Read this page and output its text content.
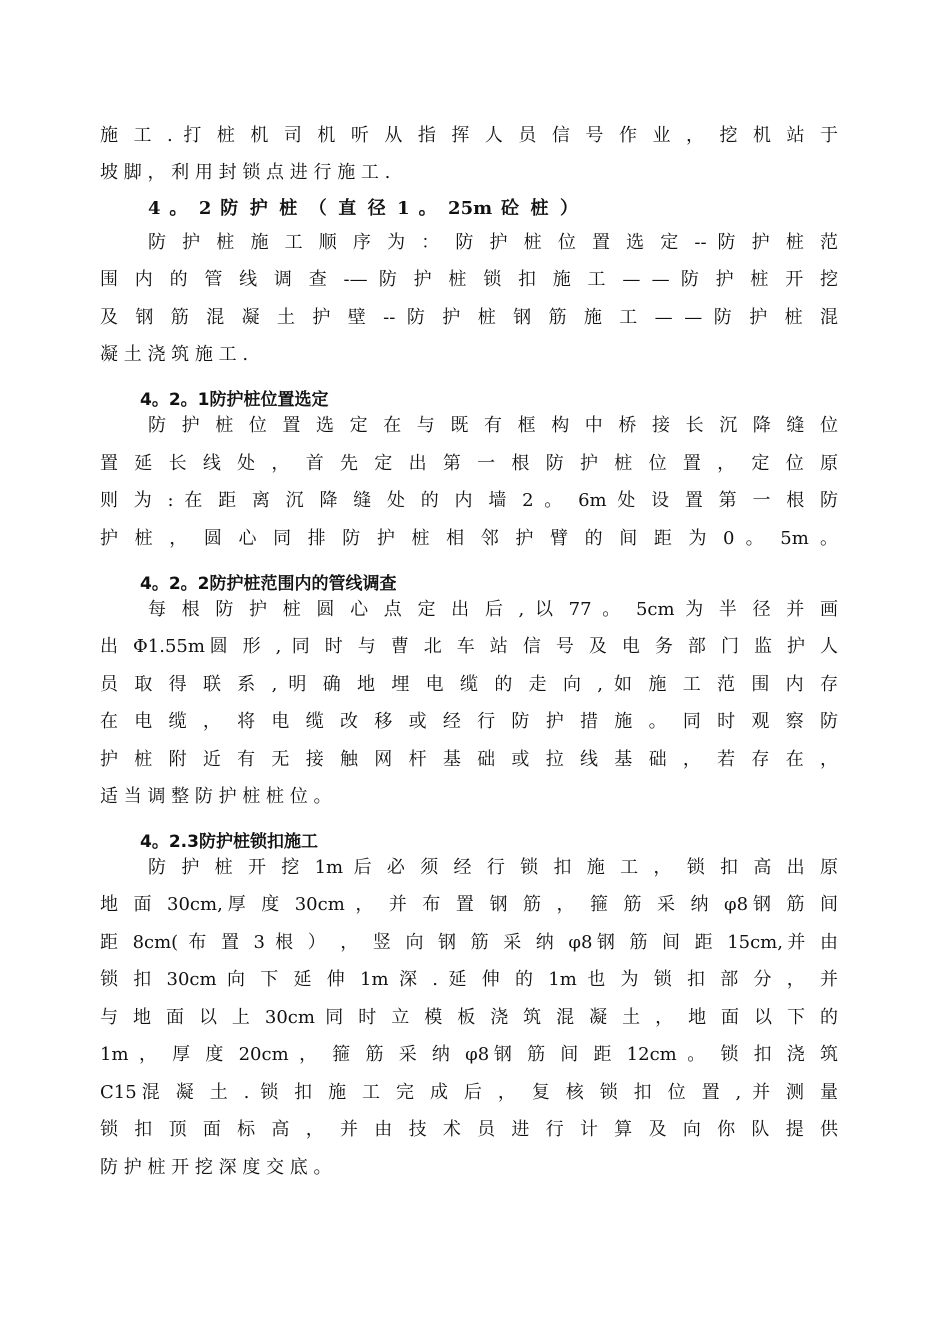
施 工 . 打 桩 机 司 机 听 从 指 挥 人 员 信 号 作 业 ， 挖 机 站 于
坡 脚 ， 利 用 封 锁 点 进 行 施 工 .
4 。 2 防 护 桩 （ 直 径 1 。 25m 砼 桩 ）
防 护 桩 施 工 顺 序 为 ： 防 护 桩 位 置 选 定 -- 防 护 桩 范
围 内 的 管 线 调 查 -— 防 护 桩 锁 扣 施 工 — — 防 护 桩 开 挖
及 钢 筋 混 凝 土 护 壁 -- 防 护 桩 钢 筋 施 工 — — 防 护 桩 混
凝 土 浇 筑 施 工 .
4。2。1防护桩位置选定
防 护 桩 位 置 选 定 在 与 既 有 框 构 中 桥 接 长 沉 降 缝 位
置 延 长 线 处 ， 首 先 定 出 第 一 根 防 护 桩 位 置 ， 定 位 原
则 为 : 在 距 离 沉 降 缝 处 的 内 墙 2 。 6m 处 设 置 第 一 根 防
护 桩 ， 圆 心 同 排 防 护 桩 相 邻 护 臂 的 间 距 为 0 。 5m 。
4。2。2防护桩范围内的管线调查
每 根 防 护 桩 圆 心 点 定 出 后 , 以 77 。 5cm 为 半 径 并 画
出 Φ1.55m圆 形 , 同 时 与 曹 北 车 站 信 号 及 电 务 部 门 监 护 人
员 取 得 联 系 , 明 确 地 埋 电 缆 的 走 向 , 如 施 工 范 围 内 存
在 电 缆 ， 将 电 缆 改 移 或 经 行 防 护 措 施 。 同 时 观 察 防
护 桩 附 近 有 无 接 触 网 杆 基 础 或 拉 线 基 础 ， 若 存 在 ，
适 当 调 整 防 护 桩 桩 位 。
4。2.3防护桩锁扣施工
防 护 桩 开 挖 1m 后 必 须 经 行 锁 扣 施 工 ， 锁 扣 高 出 原
地 面 30cm,厚 度 30cm ， 并 布 置 钢 筋 ， 箍 筋 采 纳 φ8钢 筋 间
距 8cm( 布 置 3 根 ） ， 竖 向 钢 筋 采 纳 φ8钢 筋 间 距 15cm,并 由
锁 扣 30cm 向 下 延 伸 1m 深 . 延 伸 的 1m 也 为 锁 扣 部 分 ， 并
与 地 面 以 上 30cm 同 时 立 模 板 浇 筑 混 凝 土 ， 地 面 以 下 的
1m ， 厚 度 20cm ， 箍 筋 采 纳 φ8钢 筋 间 距 12cm 。 锁 扣 浇 筑
C15混 凝 土 . 锁 扣 施 工 完 成 后 ， 复 核 锁 扣 位 置 , 并 测 量
锁 扣 顶 面 标 高 ， 并 由 技 术 员 进 行 计 算 及 向 你 队 提 供
防 护 桩 开 挖 深 度 交 底 。
